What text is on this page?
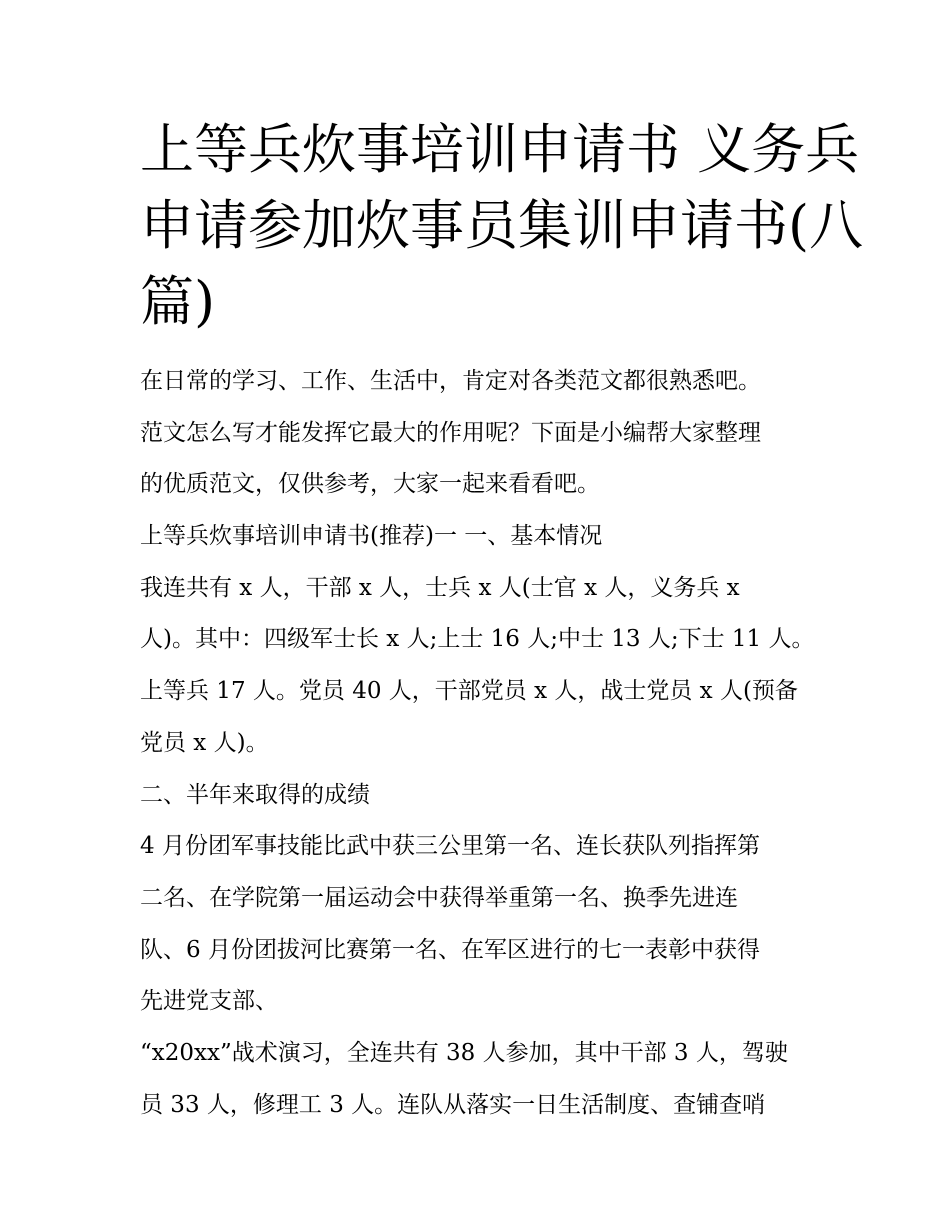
上等兵炊事培训申请书 义务兵
申请参加炊事员集训申请书(八
篇)
在日常的学习、工作、生活中，肯定对各类范文都很熟悉吧。
范文怎么写才能发挥它最大的作用呢？下面是小编帮大家整理
的优质范文，仅供参考，大家一起来看看吧。
上等兵炊事培训申请书(推荐)一 一、基本情况
我连共有 x 人，干部 x 人，士兵 x 人(士官 x 人，义务兵 x
人)。其中：四级军士长 x 人;上士 16 人;中士 13 人;下士 11 人。
上等兵 17 人。党员 40 人，干部党员 x 人，战士党员 x 人(预备
党员 x 人)。
二、半年来取得的成绩
4 月份团军事技能比武中获三公里第一名、连长获队列指挥第
二名、在学院第一届运动会中获得举重第一名、换季先进连
队、6 月份团拔河比赛第一名、在军区进行的七一表彰中获得
先进党支部、
“x20xx”战术演习，全连共有 38 人参加，其中干部 3 人，驾驶
员 33 人，修理工 3 人。连队从落实一日生活制度、查铺查哨
